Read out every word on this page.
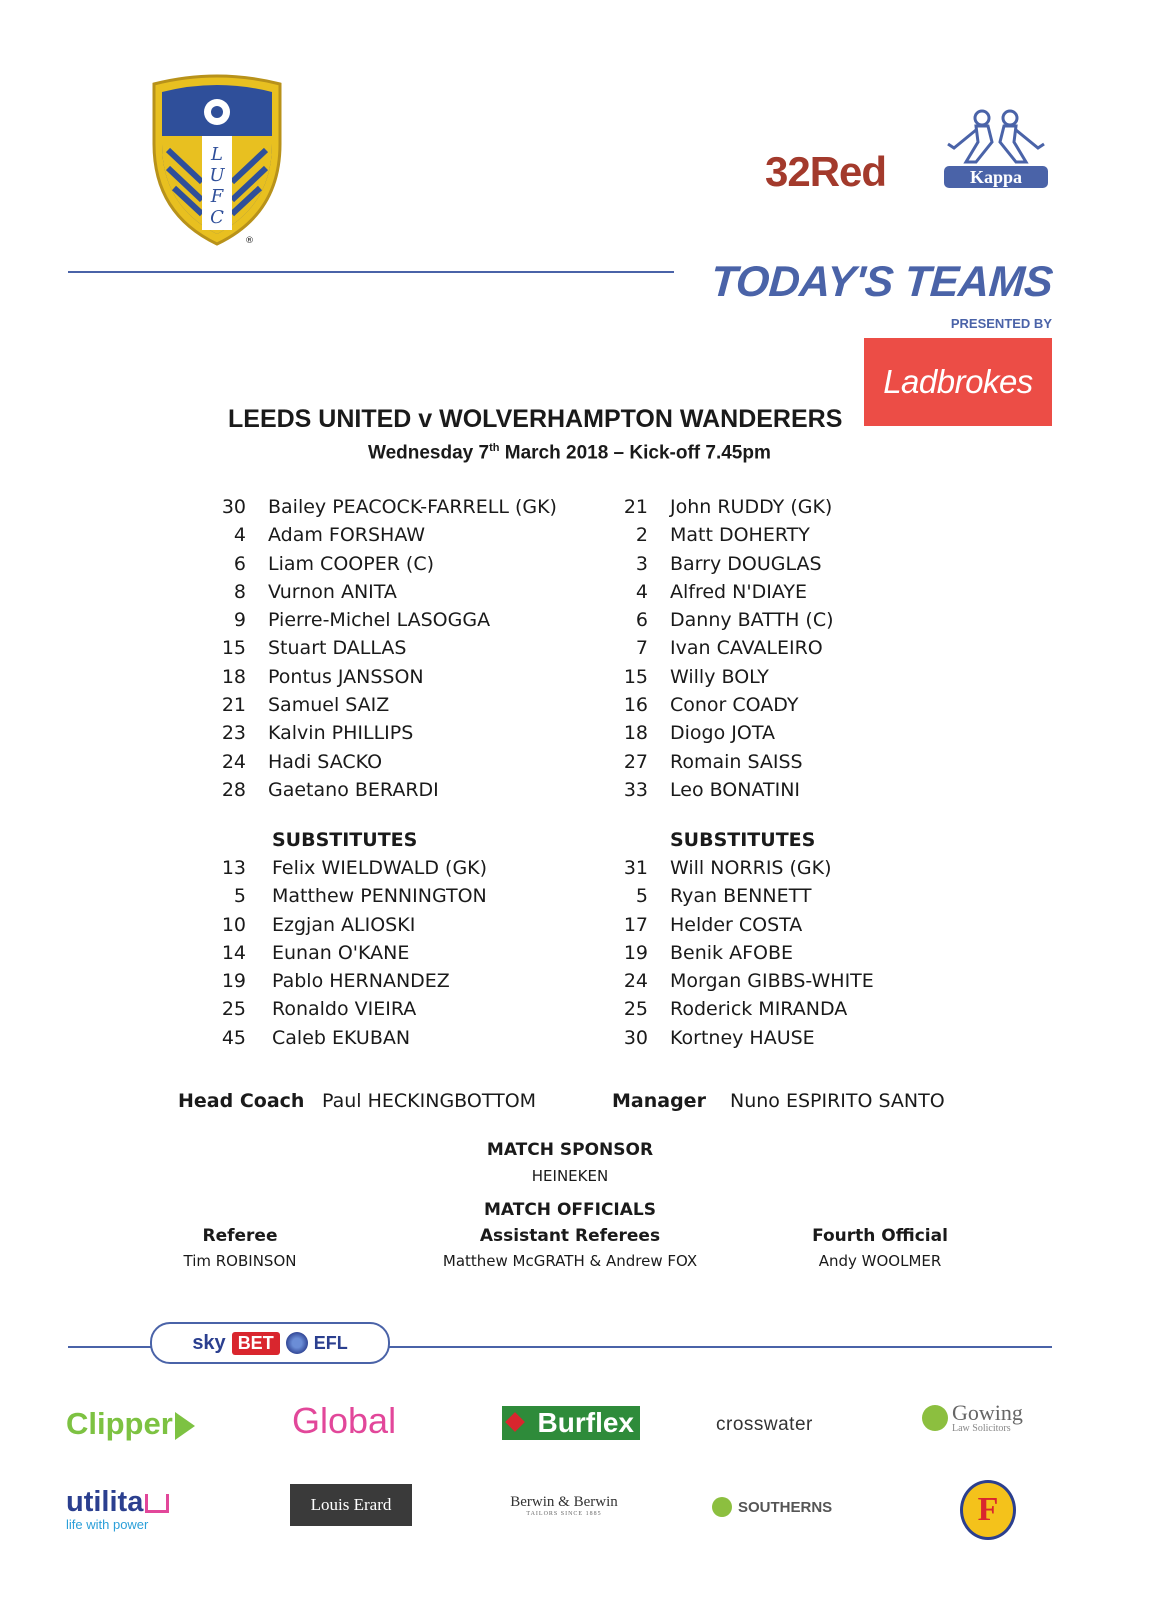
L
U
F
C
®
32Red	Kappa
TODAY'S TEAMS
PRESENTED BY
Ladbrokes
LEEDS UNITED v WOLVERHAMPTON WANDERERS
Wednesday 7th March 2018 – Kick-off 7.45pm
30 Bailey PEACOCK-FARRELL (GK)
4 Adam FORSHAW
6 Liam COOPER (C)
8 Vurnon ANITA
9 Pierre-Michel LASOGGA
15 Stuart DALLAS
18 Pontus JANSSON
21 Samuel SAIZ
23 Kalvin PHILLIPS
24 Hadi SACKO
28 Gaetano BERARDI
SUBSTITUTES
13 Felix WIELDWALD (GK)
5 Matthew PENNINGTON
10 Ezgjan ALIOSKI
14 Eunan O'KANE
19 Pablo HERNANDEZ
25 Ronaldo VIEIRA
45 Caleb EKUBAN
21 John RUDDY (GK)
2 Matt DOHERTY
3 Barry DOUGLAS
4 Alfred N'DIAYE
6 Danny BATTH (C)
7 Ivan CAVALEIRO
15 Willy BOLY
16 Conor COADY
18 Diogo JOTA
27 Romain SAISS
33 Leo BONATINI
SUBSTITUTES
31 Will NORRIS (GK)
5 Ryan BENNETT
17 Helder COSTA
19 Benik AFOBE
24 Morgan GIBBS-WHITE
25 Roderick MIRANDA
30 Kortney HAUSE
Head Coach Paul HECKINGBOTTOM	Manager Nuno ESPIRITO SANTO
MATCH SPONSOR
HEINEKEN
MATCH OFFICIALS
Referee
Tim ROBINSON
Assistant Referees
Matthew McGRATH & Andrew FOX
Fourth Official
Andy WOOLMER
sky BET	EFL
Clipper	Global	Burflex	crosswater	Gowing
Law Solicitors
utilita
life with power
Louis Erard	Berwin & Berwin
TAILORS SINCE 1885	SOUTHERNS	F
